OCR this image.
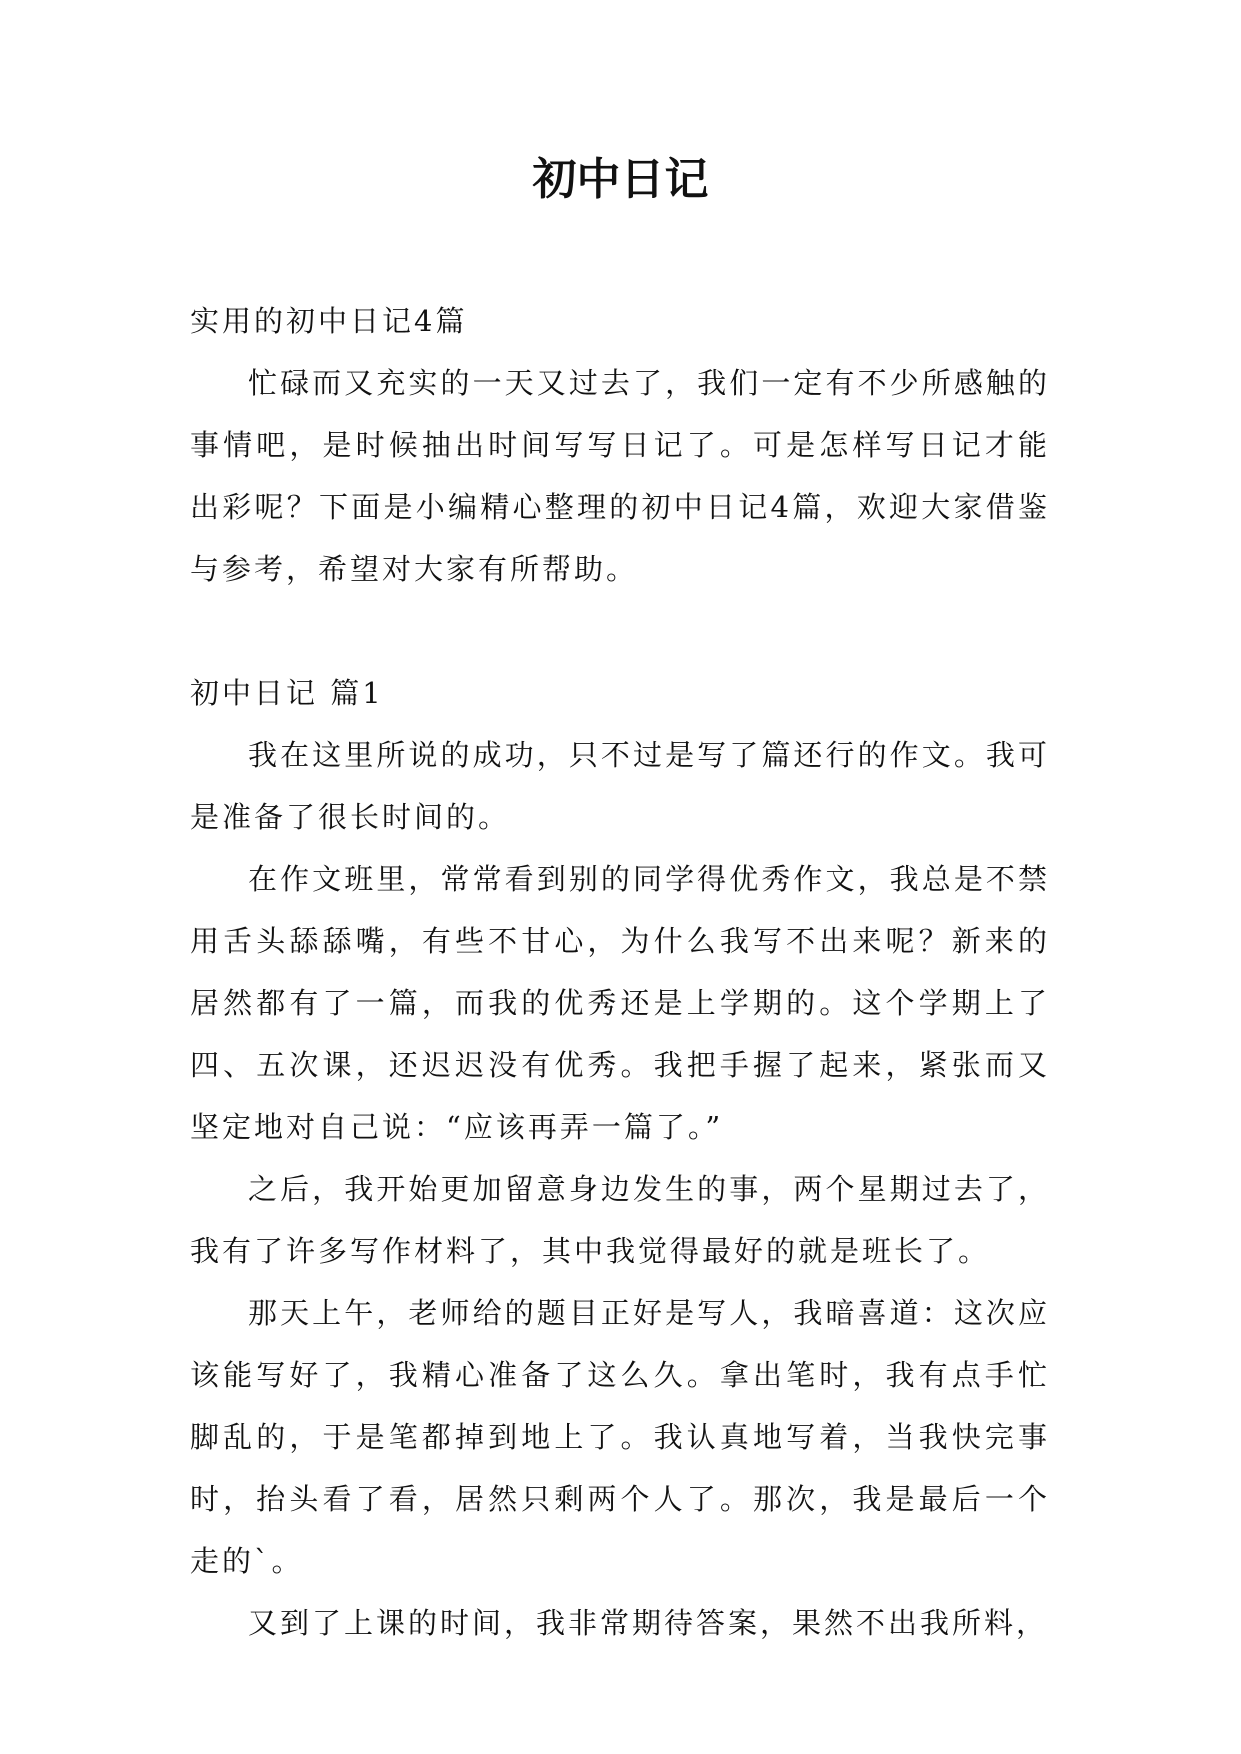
初中日记

实用的初中日记4篇

忙碌而又充实的一天又过去了，我们一定有不少所感触的事情吧，是时候抽出时间写写日记了。可是怎样写日记才能出彩呢？下面是小编精心整理的初中日记4篇，欢迎大家借鉴与参考，希望对大家有所帮助。

初中日记 篇1

我在这里所说的成功，只不过是写了篇还行的作文。我可是准备了很长时间的。

在作文班里，常常看到别的同学得优秀作文，我总是不禁用舌头舔舔嘴，有些不甘心，为什么我写不出来呢？新来的居然都有了一篇，而我的优秀还是上学期的。这个学期上了四、五次课，还迟迟没有优秀。我把手握了起来，紧张而又坚定地对自己说：“应该再弄一篇了。”

之后，我开始更加留意身边发生的事，两个星期过去了，我有了许多写作材料了，其中我觉得最好的就是班长了。

那天上午，老师给的题目正好是写人，我暗喜道：这次应该能写好了，我精心准备了这么久。拿出笔时，我有点手忙脚乱的，于是笔都掉到地上了。我认真地写着，当我快完事时，抬头看了看，居然只剩两个人了。那次，我是最后一个走的`。

又到了上课的时间，我非常期待答案，果然不出我所料，
